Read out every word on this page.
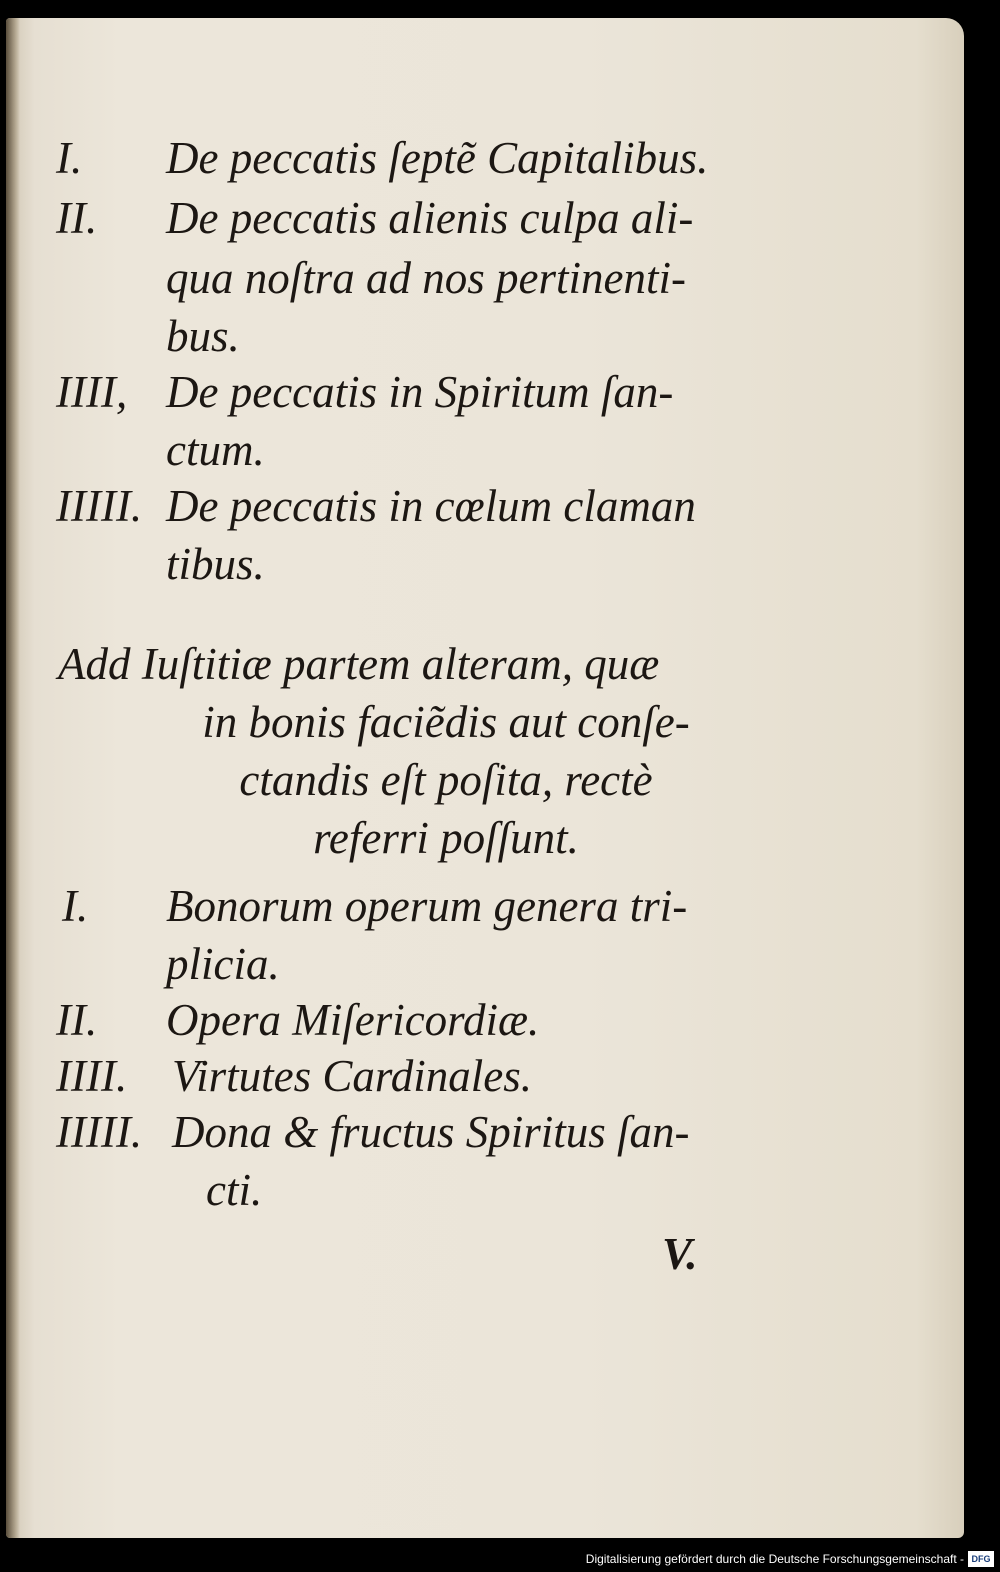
I. De peccatis ſeptẽ Capitalibus.
II. De peccatis alienis culpa ali-
qua noſtra ad nos pertinenti-
bus.
IIII, De peccatis in Spiritum ſan-
ctum.
IIIII. De peccatis in cœlum claman
tibus.
Add Iuſtitiæ partem alteram, quæ
in bonis faciẽdis aut conſe-
ctandis eſt poſita, rectè
referri poſſunt.
I. Bonorum operum genera tri-
plicia.
II. Opera Miſericordiæ.
IIII. Virtutes Cardinales.
IIIII. Dona & fructus Spiritus ſan-
cti.
V.
Digitalisierung gefördert durch die Deutsche Forschungsgemeinschaft - DFG
